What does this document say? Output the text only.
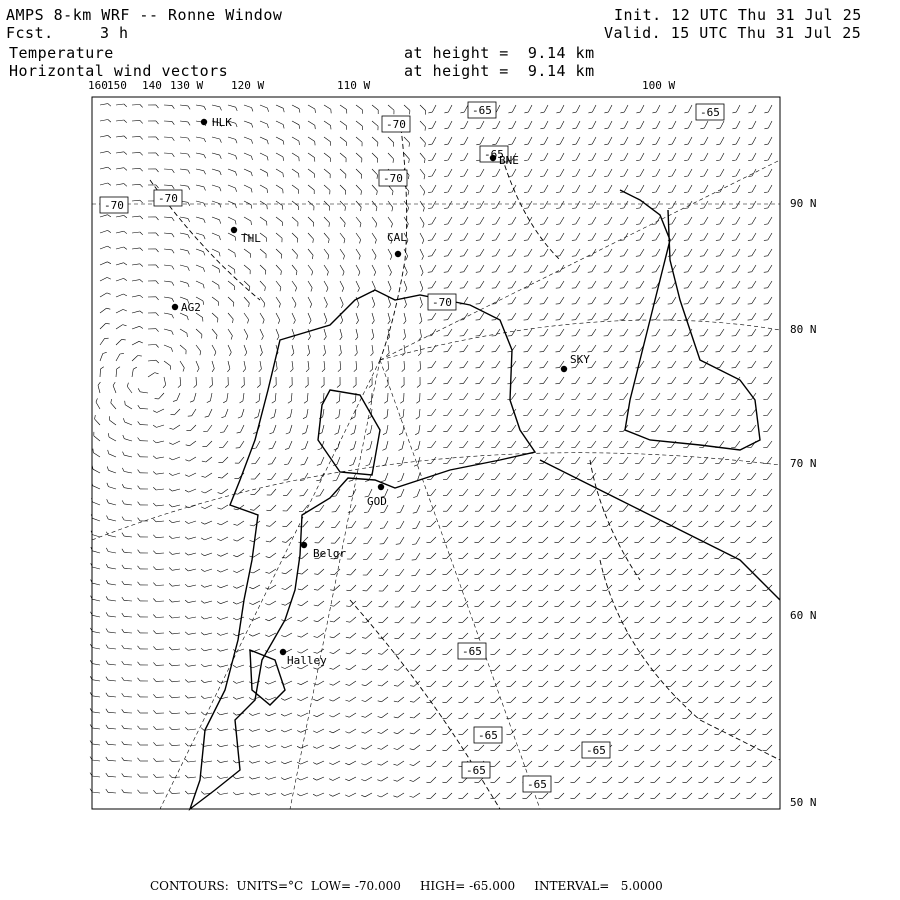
AMPS 8-km WRF -- Ronne Window
Fcst.	3 h
Init. 12 UTC Thu 31 Jul 25
Valid. 15 UTC Thu 31 Jul 25
Temperature
Horizontal wind vectors
at height =  9.14 km
at height =  9.14 km
160 150 140 130 W	120 W	110 W	100 W
90 N
80 N
70 N
60 N
50 N
-65
-70
-65
-70
-70
-70
-70
-65
-65
-65
-65
-65
-65
HLK
THL
AG2
CAL
SKY
GOD
Belgr
Halley
BNE
CONTOURS:  UNITS=°C  LOW= -70.000     HIGH= -65.000     INTERVAL=   5.0000
